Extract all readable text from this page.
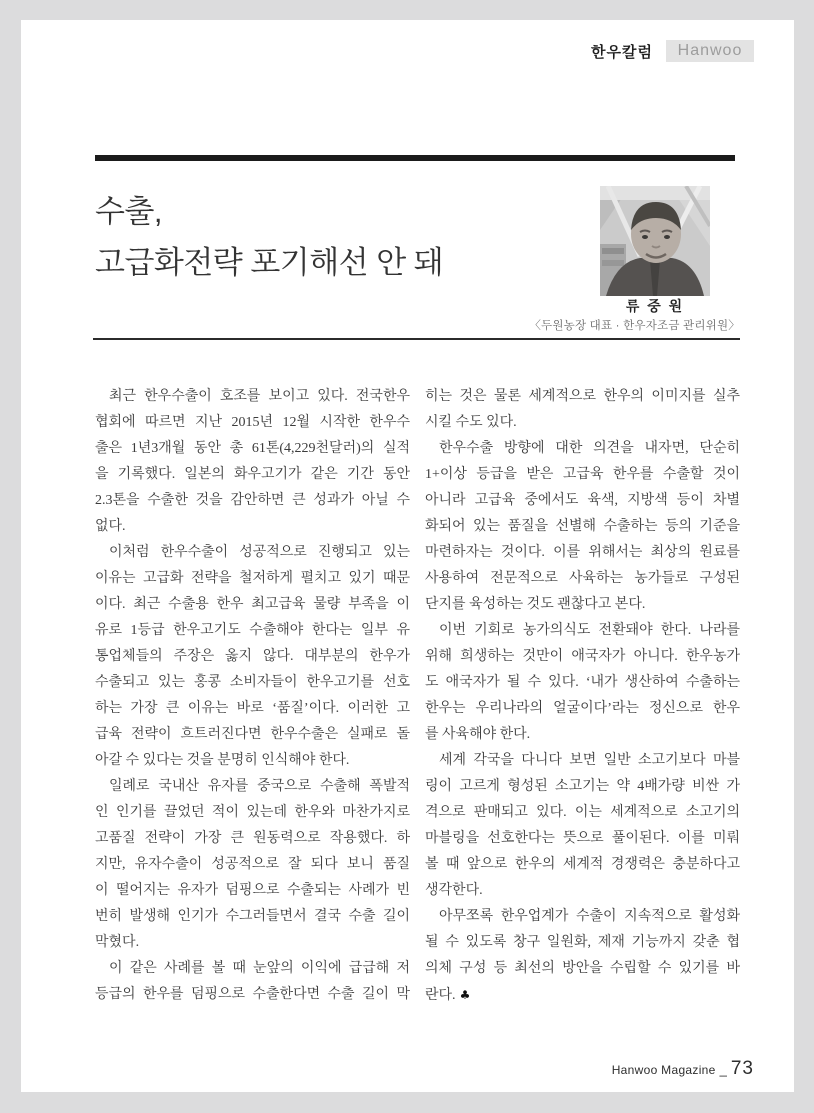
한우칼럼	Hanwoo
수출,
고급화전략 포기해선 안 돼
류 중 원
〈두원농장 대표 · 한우자조금 관리위원〉
최근 한우수출이 호조를 보이고 있다. 전국한우
협회에 따르면 지난 2015년 12월 시작한 한우수
출은 1년3개월 동안 총 61톤(4,229천달러)의 실적
을 기록했다. 일본의 화우고기가 같은 기간 동안
2.3톤을 수출한 것을 감안하면 큰 성과가 아닐 수
없다.
이처럼 한우수출이 성공적으로 진행되고 있는
이유는 고급화 전략을 철저하게 펼치고 있기 때문
이다. 최근 수출용 한우 최고급육 물량 부족을 이
유로 1등급 한우고기도 수출해야 한다는 일부 유
통업체들의 주장은 옳지 않다. 대부분의 한우가
수출되고 있는 홍콩 소비자들이 한우고기를 선호
하는 가장 큰 이유는 바로 ‘품질’이다. 이러한 고
급육 전략이 흐트러진다면 한우수출은 실패로 돌
아갈 수 있다는 것을 분명히 인식해야 한다.
일례로 국내산 유자를 중국으로 수출해 폭발적
인 인기를 끌었던 적이 있는데 한우와 마찬가지로
고품질 전략이 가장 큰 원동력으로 작용했다. 하
지만, 유자수출이 성공적으로 잘 되다 보니 품질
이 떨어지는 유자가 덤핑으로 수출되는 사례가 빈
번히 발생해 인기가 수그러들면서 결국 수출 길이
막혔다.
이 같은 사례를 볼 때 눈앞의 이익에 급급해 저
등급의 한우를 덤핑으로 수출한다면 수출 길이 막
히는 것은 물론 세계적으로 한우의 이미지를 실추
시킬 수도 있다.
한우수출 방향에 대한 의견을 내자면, 단순히
1+이상 등급을 받은 고급육 한우를 수출할 것이
아니라 고급육 중에서도 육색, 지방색 등이 차별
화되어 있는 품질을 선별해 수출하는 등의 기준을
마련하자는 것이다. 이를 위해서는 최상의 원료를
사용하여 전문적으로 사육하는 농가들로 구성된
단지를 육성하는 것도 괜찮다고 본다.
이번 기회로 농가의식도 전환돼야 한다. 나라를
위해 희생하는 것만이 애국자가 아니다. 한우농가
도 애국자가 될 수 있다. ‘내가 생산하여 수출하는
한우는 우리나라의 얼굴이다’라는 정신으로 한우
를 사육해야 한다.
세계 각국을 다니다 보면 일반 소고기보다 마블
링이 고르게 형성된 소고기는 약 4배가량 비싼 가
격으로 판매되고 있다. 이는 세계적으로 소고기의
마블링을 선호한다는 뜻으로 풀이된다. 이를 미뤄
볼 때 앞으로 한우의 세계적 경쟁력은 충분하다고
생각한다.
아무쪼록 한우업계가 수출이 지속적으로 활성화
될 수 있도록 창구 일원화, 제재 기능까지 갖춘 협
의체 구성 등 최선의 방안을 수립할 수 있기를 바
란다. ♣
Hanwoo Magazine _ 73
